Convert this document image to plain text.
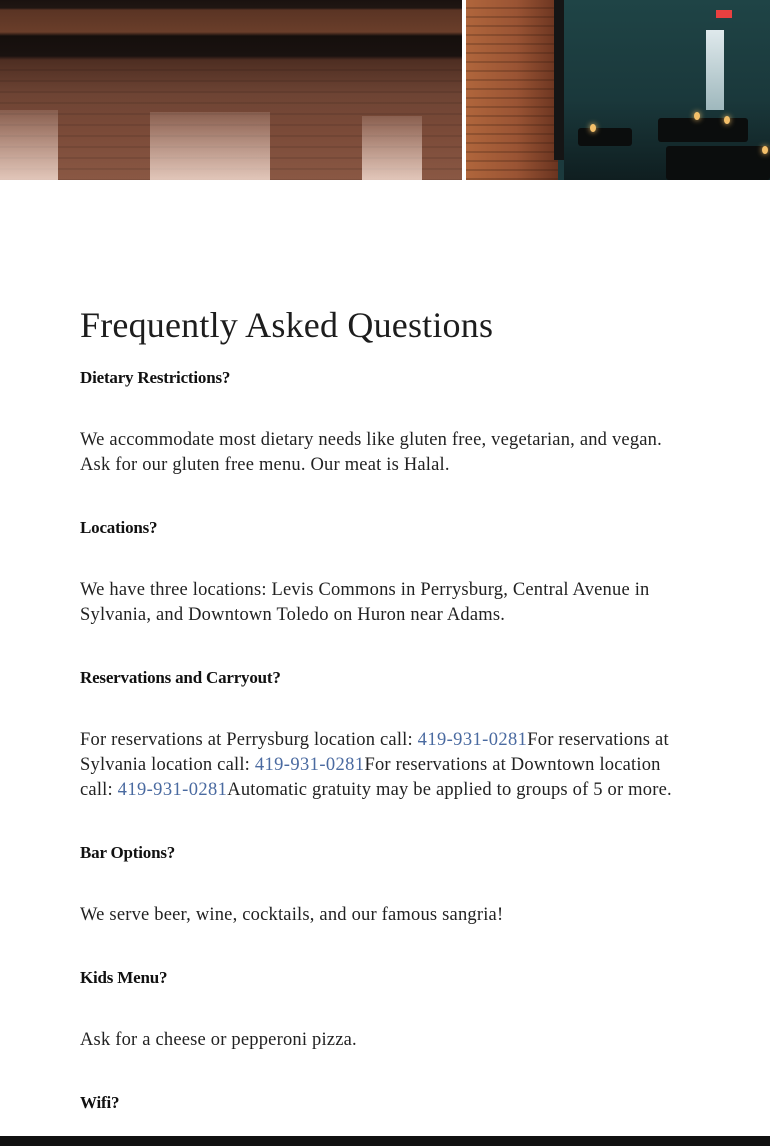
Frequently Asked Questions

Dietary Restrictions?

We accommodate most dietary needs like gluten free, vegetarian, and vegan. Ask for our gluten free menu. Our meat is Halal.

Locations?

We have three locations: Levis Commons in Perrysburg, Central Avenue in Sylvania, and Downtown Toledo on Huron near Adams.

Reservations and Carryout?

For reservations at Perrysburg location call: 419-931-0281For reservations at Sylvania location call: 419-931-0281For reservations at Downtown location call: 419-931-0281Automatic gratuity may be applied to groups of 5 or more.

Bar Options?

We serve beer, wine, cocktails, and our famous sangria!

Kids Menu?

Ask for a cheese or pepperoni pizza.

Wifi?
